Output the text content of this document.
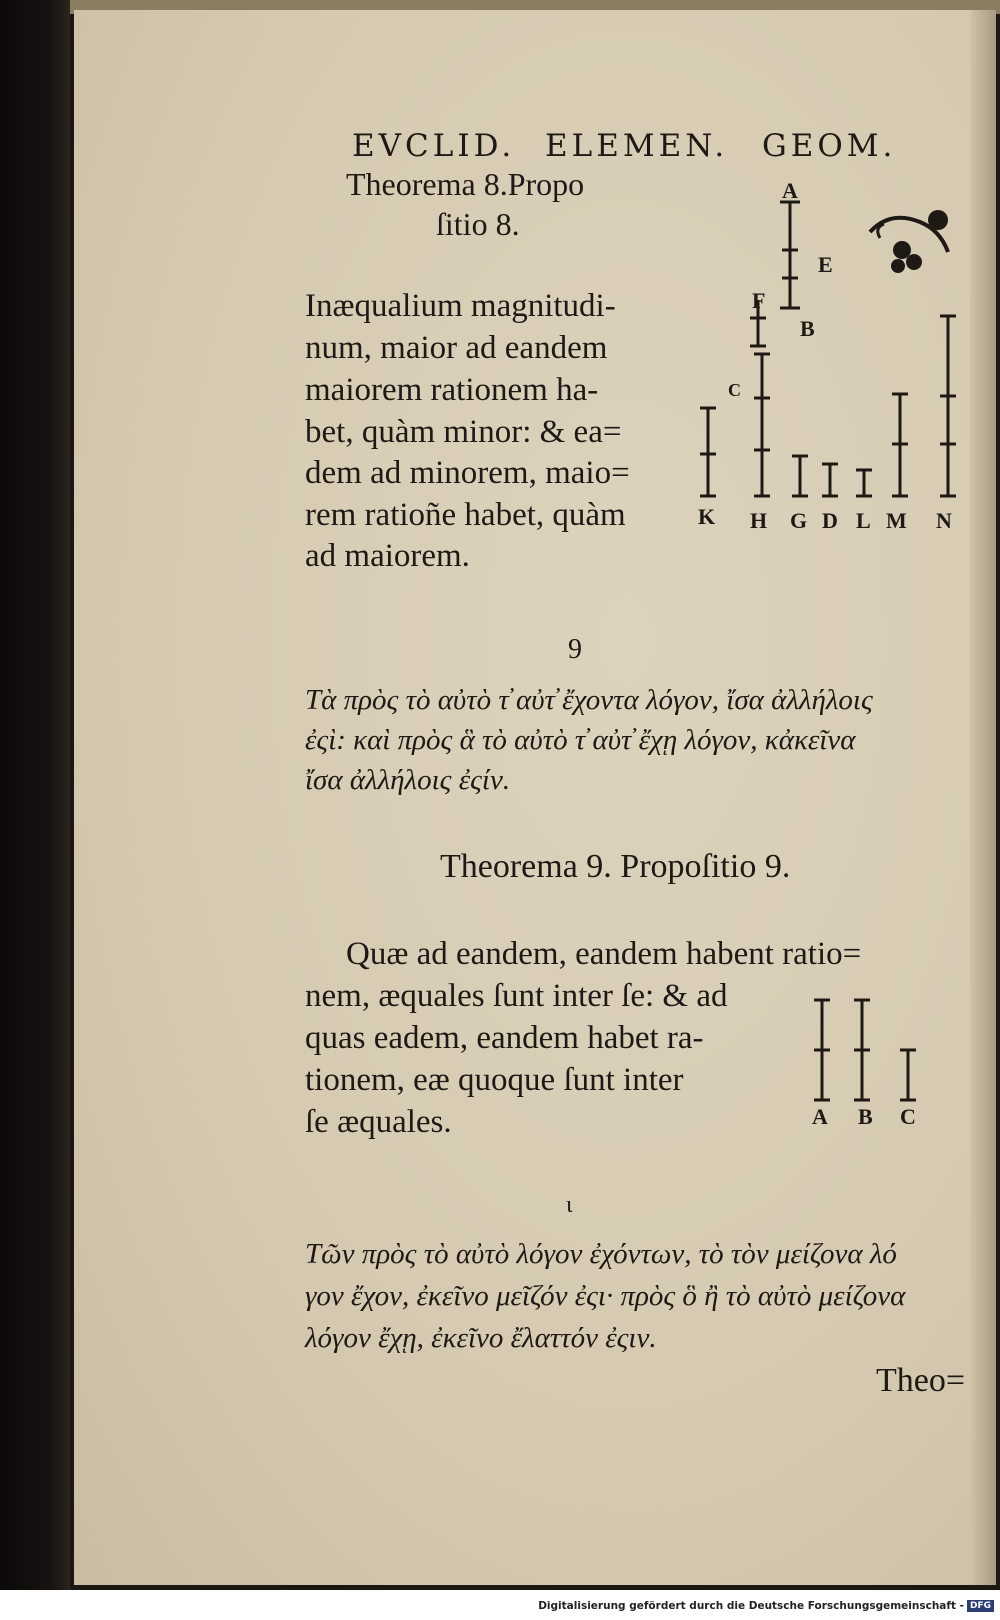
EVCLID. ELEMEN. GEOM.
Theorema 8.Propo
ſitio 8.
Inæqualium magnitudi-
num, maior ad eandem
maiorem rationem ha-
bet, quàm minor: & ea=
dem ad minorem, maio=
rem ratioñe habet, quàm
ad maiorem.
A
E
F
B
C
K H G D L M N
9
Τὰ πρὸς τὸ αὐτὸ τ̓ αὐτ̓ ἔχοντα λόγον, ἴσα ἀλλήλοις
ἐςὶ: καὶ πρὸς ἃ τὸ αὐτὸ τ̓ αὐτ̓ ἔχῃ λόγον, κἀκεῖνα
ἴσα ἀλλήλοις ἐςίν.
Theorema 9. Propoſitio 9.
Quæ ad eandem, eandem habent ratio=
nem, æquales ſunt inter ſe: & ad
quas eadem, eandem habet ra-
tionem, eæ quoque ſunt inter
ſe æquales.	A B C
ι
Τῶν πρὸς τὸ αὐτὸ λόγον ἐχόντων, τὸ τὸν μείζονα λό
γον ἔχον, ἐκεῖνο μεῖζόν ἐςι· πρὸς ὃ ἢ τὸ αὐτὸ μείζονα
λόγον ἔχῃ, ἐκεῖνο ἔλαττόν ἐςιν.
Theo=
Digitalisierung gefördert durch die Deutsche Forschungsgemeinschaft - DFG
